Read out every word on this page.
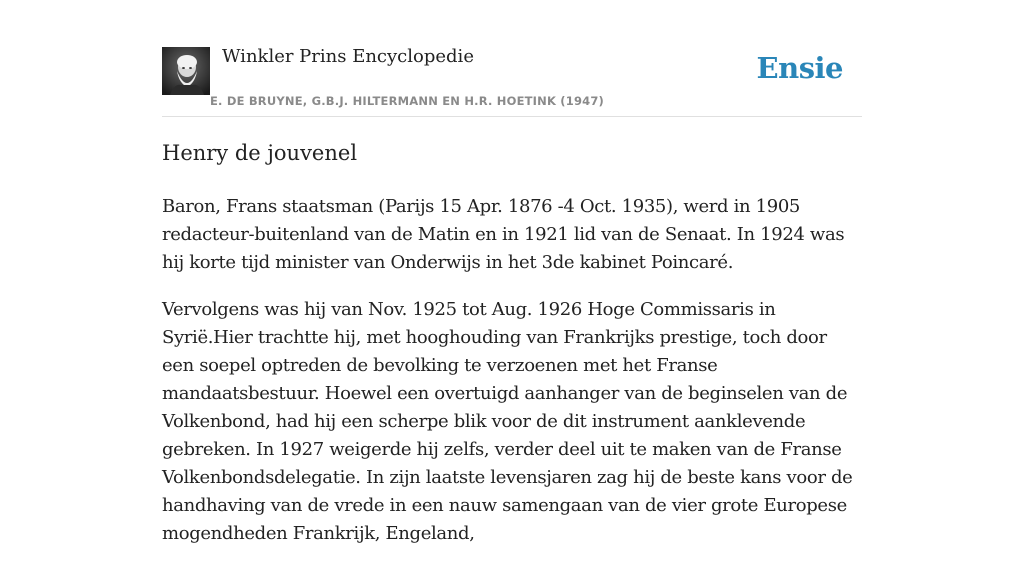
Winkler Prins Encyclopedie
E. DE BRUYNE, G.B.J. HILTERMANN EN H.R. HOETINK (1947)
Ensie
Henry de jouvenel

Baron, Frans staatsman (Parijs 15 Apr. 1876 -4 Oct. 1935), werd in 1905 redacteur-buitenland van de Matin en in 1921 lid van de Senaat. In 1924 was hij korte tijd minister van Onderwijs in het 3de kabinet Poincaré.

Vervolgens was hij van Nov. 1925 tot Aug. 1926 Hoge Commissaris in Syrië.Hier trachtte hij, met hooghouding van Frankrijks prestige, toch door een soepel optreden de bevolking te verzoenen met het Franse mandaatsbestuur. Hoewel een overtuigd aanhanger van de beginselen van de Volkenbond, had hij een scherpe blik voor de dit instrument aanklevende gebreken. In 1927 weigerde hij zelfs, verder deel uit te maken van de Franse Volkenbondsdelegatie. In zijn laatste levensjaren zag hij de beste kans voor de handhaving van de vrede in een nauw samengaan van de vier grote Europese mogendheden Frankrijk, Engeland,
